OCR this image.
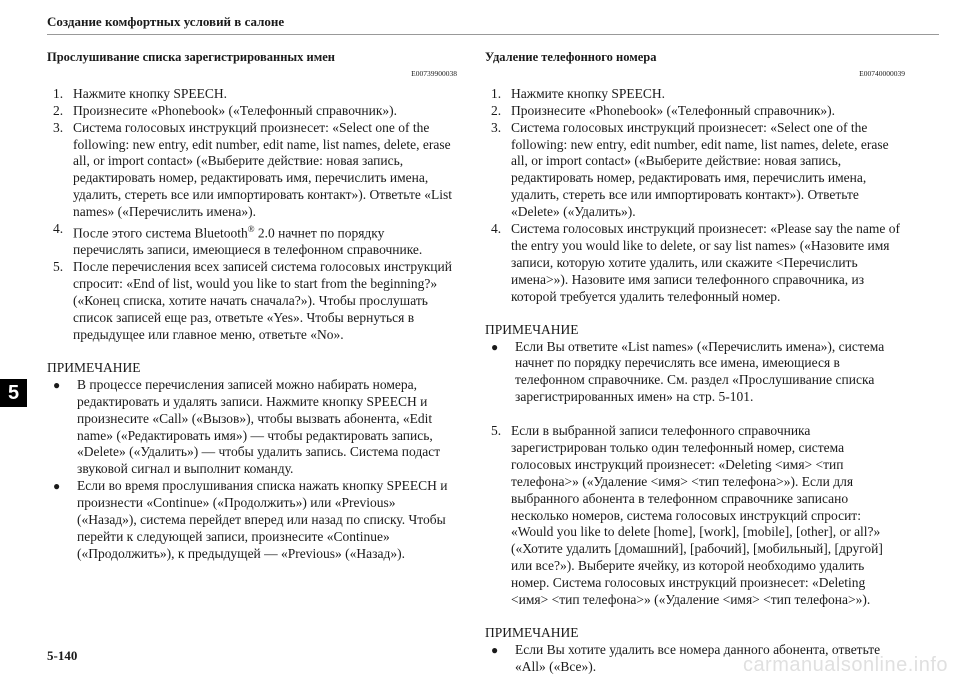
Создание комфортных условий в салоне
Прослушивание списка зарегистрированных имен
E00739900038
1. Нажмите кнопку SPEECH.
2. Произнесите «Phonebook» («Телефонный справочник»).
3. Система голосовых инструкций произнесет: «Select one of the following: new entry, edit number, edit name, list names, delete, erase all, or import contact» («Выберите действие: новая запись, редактировать номер, редактировать имя, перечислить имена, удалить, стереть все или импортировать контакт»). Ответьте «List names» («Перечислить имена»).
4. После этого система Bluetooth® 2.0 начнет по порядку перечислять записи, имеющиеся в телефонном справочнике.
5. После перечисления всех записей система голосовых инструкций спросит: «End of list, would you like to start from the beginning?» («Конец списка, хотите начать сначала?»). Чтобы прослушать список записей еще раз, ответьте «Yes». Чтобы вернуться в предыдущее или главное меню, ответьте «No».
ПРИМЕЧАНИЕ
●	В процессе перечисления записей можно набирать номера, редактировать и удалять записи. Нажмите кнопку SPEECH и произнесите «Call» («Вызов»), чтобы вызвать абонента, «Edit name» («Редактировать имя») — чтобы редактировать запись, «Delete» («Удалить») — чтобы удалить запись. Система подаст звуковой сигнал и выполнит команду.
●	Если во время прослушивания списка нажать кнопку SPEECH и произнести «Continue» («Продолжить») или «Previous» («Назад»), система перейдет вперед или назад по списку. Чтобы перейти к следующей записи, произнесите «Continue» («Продолжить»), к предыдущей — «Previous» («Назад»).
Удаление телефонного номера
E00740000039
1. Нажмите кнопку SPEECH.
2. Произнесите «Phonebook» («Телефонный справочник»).
3. Система голосовых инструкций произнесет: «Select one of the following: new entry, edit number, edit name, list names, delete, erase all, or import contact» («Выберите действие: новая запись, редактировать номер, редактировать имя, перечислить имена, удалить, стереть все или импортировать контакт»). Ответьте «Delete» («Удалить»).
4. Система голосовых инструкций произнесет: «Please say the name of the entry you would like to delete, or say list names» («Назовите имя записи, которую хотите удалить, или скажите <Перечислить имена>»). Назовите имя записи телефонного справочника, из которой требуется удалить телефонный номер.
ПРИМЕЧАНИЕ
●	Если Вы ответите «List names» («Перечислить имена»), система начнет по порядку перечислять все имена, имеющиеся в телефонном справочнике. См. раздел «Прослушивание списка зарегистрированных имен» на стр. 5-101.
5. Если в выбранной записи телефонного справочника зарегистрирован только один телефонный номер, система голосовых инструкций произнесет: «Deleting <имя> <тип телефона>» («Удаление <имя> <тип телефона>»). Если для выбранного абонента в телефонном справочнике записано несколько номеров, система голосовых инструкций спросит: «Would you like to delete [home], [work], [mobile], [other], or all?» («Хотите удалить [домашний], [рабочий], [мобильный], [другой] или все?»). Выберите ячейку, из которой необходимо удалить номер. Система голосовых инструкций произнесет: «Deleting <имя> <тип телефона>» («Удаление <имя> <тип телефона>»).
ПРИМЕЧАНИЕ
●	Если Вы хотите удалить все номера данного абонента, ответьте «All» («Все»).
5
5-140	carmanualsonline.info
